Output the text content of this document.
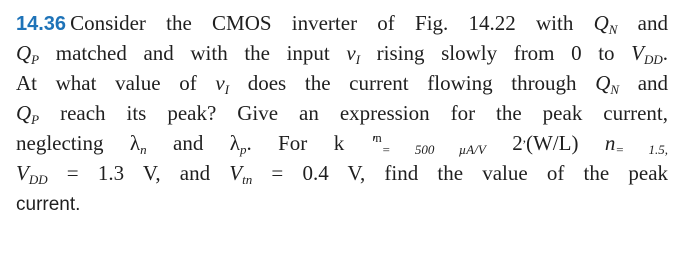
14.36 Consider the CMOS inverter of Fig. 14.22 with $Q_N$ and
$Q_P$ matched and with the input $v_I$ rising slowly from 0 to $V_{DD}$.
At what value of $v_I$ does the current flowing through $Q_N$ and
$Q_P$ reach its peak? Give an expression for the peak current,
neglecting $\lambda_n$ and $\lambda_p$. For k $'^n_{= 500 \mu A/V}$ 2,(W/L) $n_{= 1.5,}$
$V_{DD} = 1.3$ V, and $V_{tn} = 0.4$ V, find the value of the peak
current.
